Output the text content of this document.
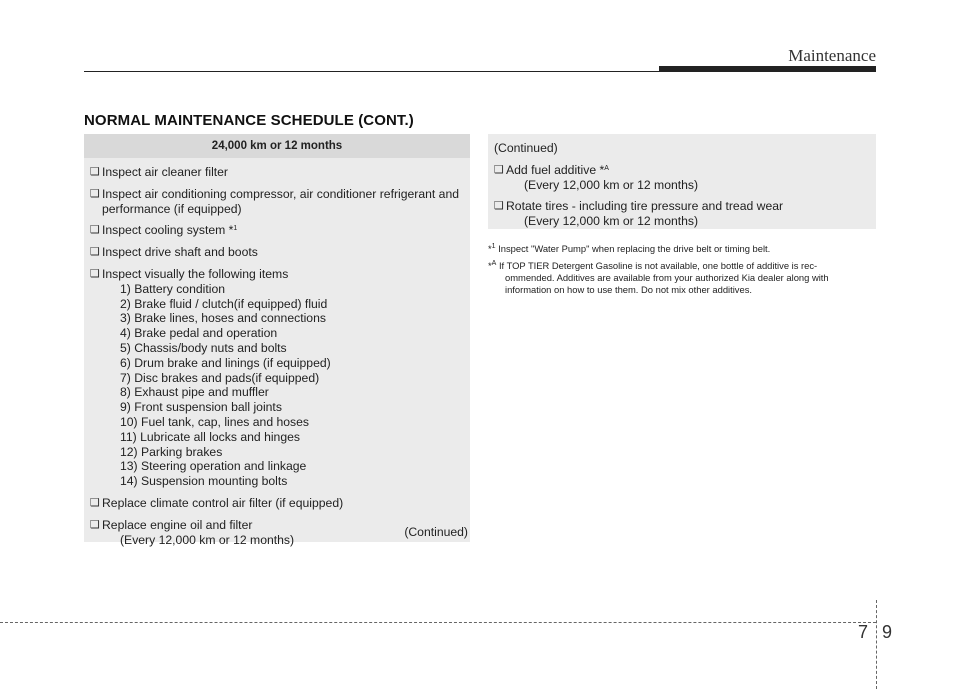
Maintenance
NORMAL MAINTENANCE SCHEDULE (CONT.)
24,000 km or 12 months
❑ Inspect air cleaner filter
❑ Inspect air conditioning compressor, air conditioner refrigerant and performance (if equipped)
❑ Inspect cooling system *$^1$
❑ Inspect drive shaft and boots
❑ Inspect visually the following items
1) Battery condition
2) Brake fluid / clutch(if equipped) fluid
3) Brake lines, hoses and connections
4) Brake pedal and operation
5) Chassis/body nuts and bolts
6) Drum brake and linings (if equipped)
7) Disc brakes and pads(if equipped)
8) Exhaust pipe and muffler
9) Front suspension ball joints
10) Fuel tank, cap, lines and hoses
11) Lubricate all locks and hinges
12) Parking brakes
13) Steering operation and linkage
14) Suspension mounting bolts
❑ Replace climate control air filter (if equipped)
❑ Replace engine oil and filter
(Every 12,000 km or 12 months)
(Continued)
(Continued)
❑ Add fuel additive *$^A$
(Every 12,000 km or 12 months)
❑ Rotate tires - including tire pressure and tread wear
(Every 12,000 km or 12 months)
*$^1$ Inspect "Water Pump" when replacing the drive belt or timing belt.
*$^A$ If TOP TIER Detergent Gasoline is not available, one bottle of additive is rec-
ommended. Additives are available from your authorized Kia dealer along with information on how to use them. Do not mix other additives.
7 9
